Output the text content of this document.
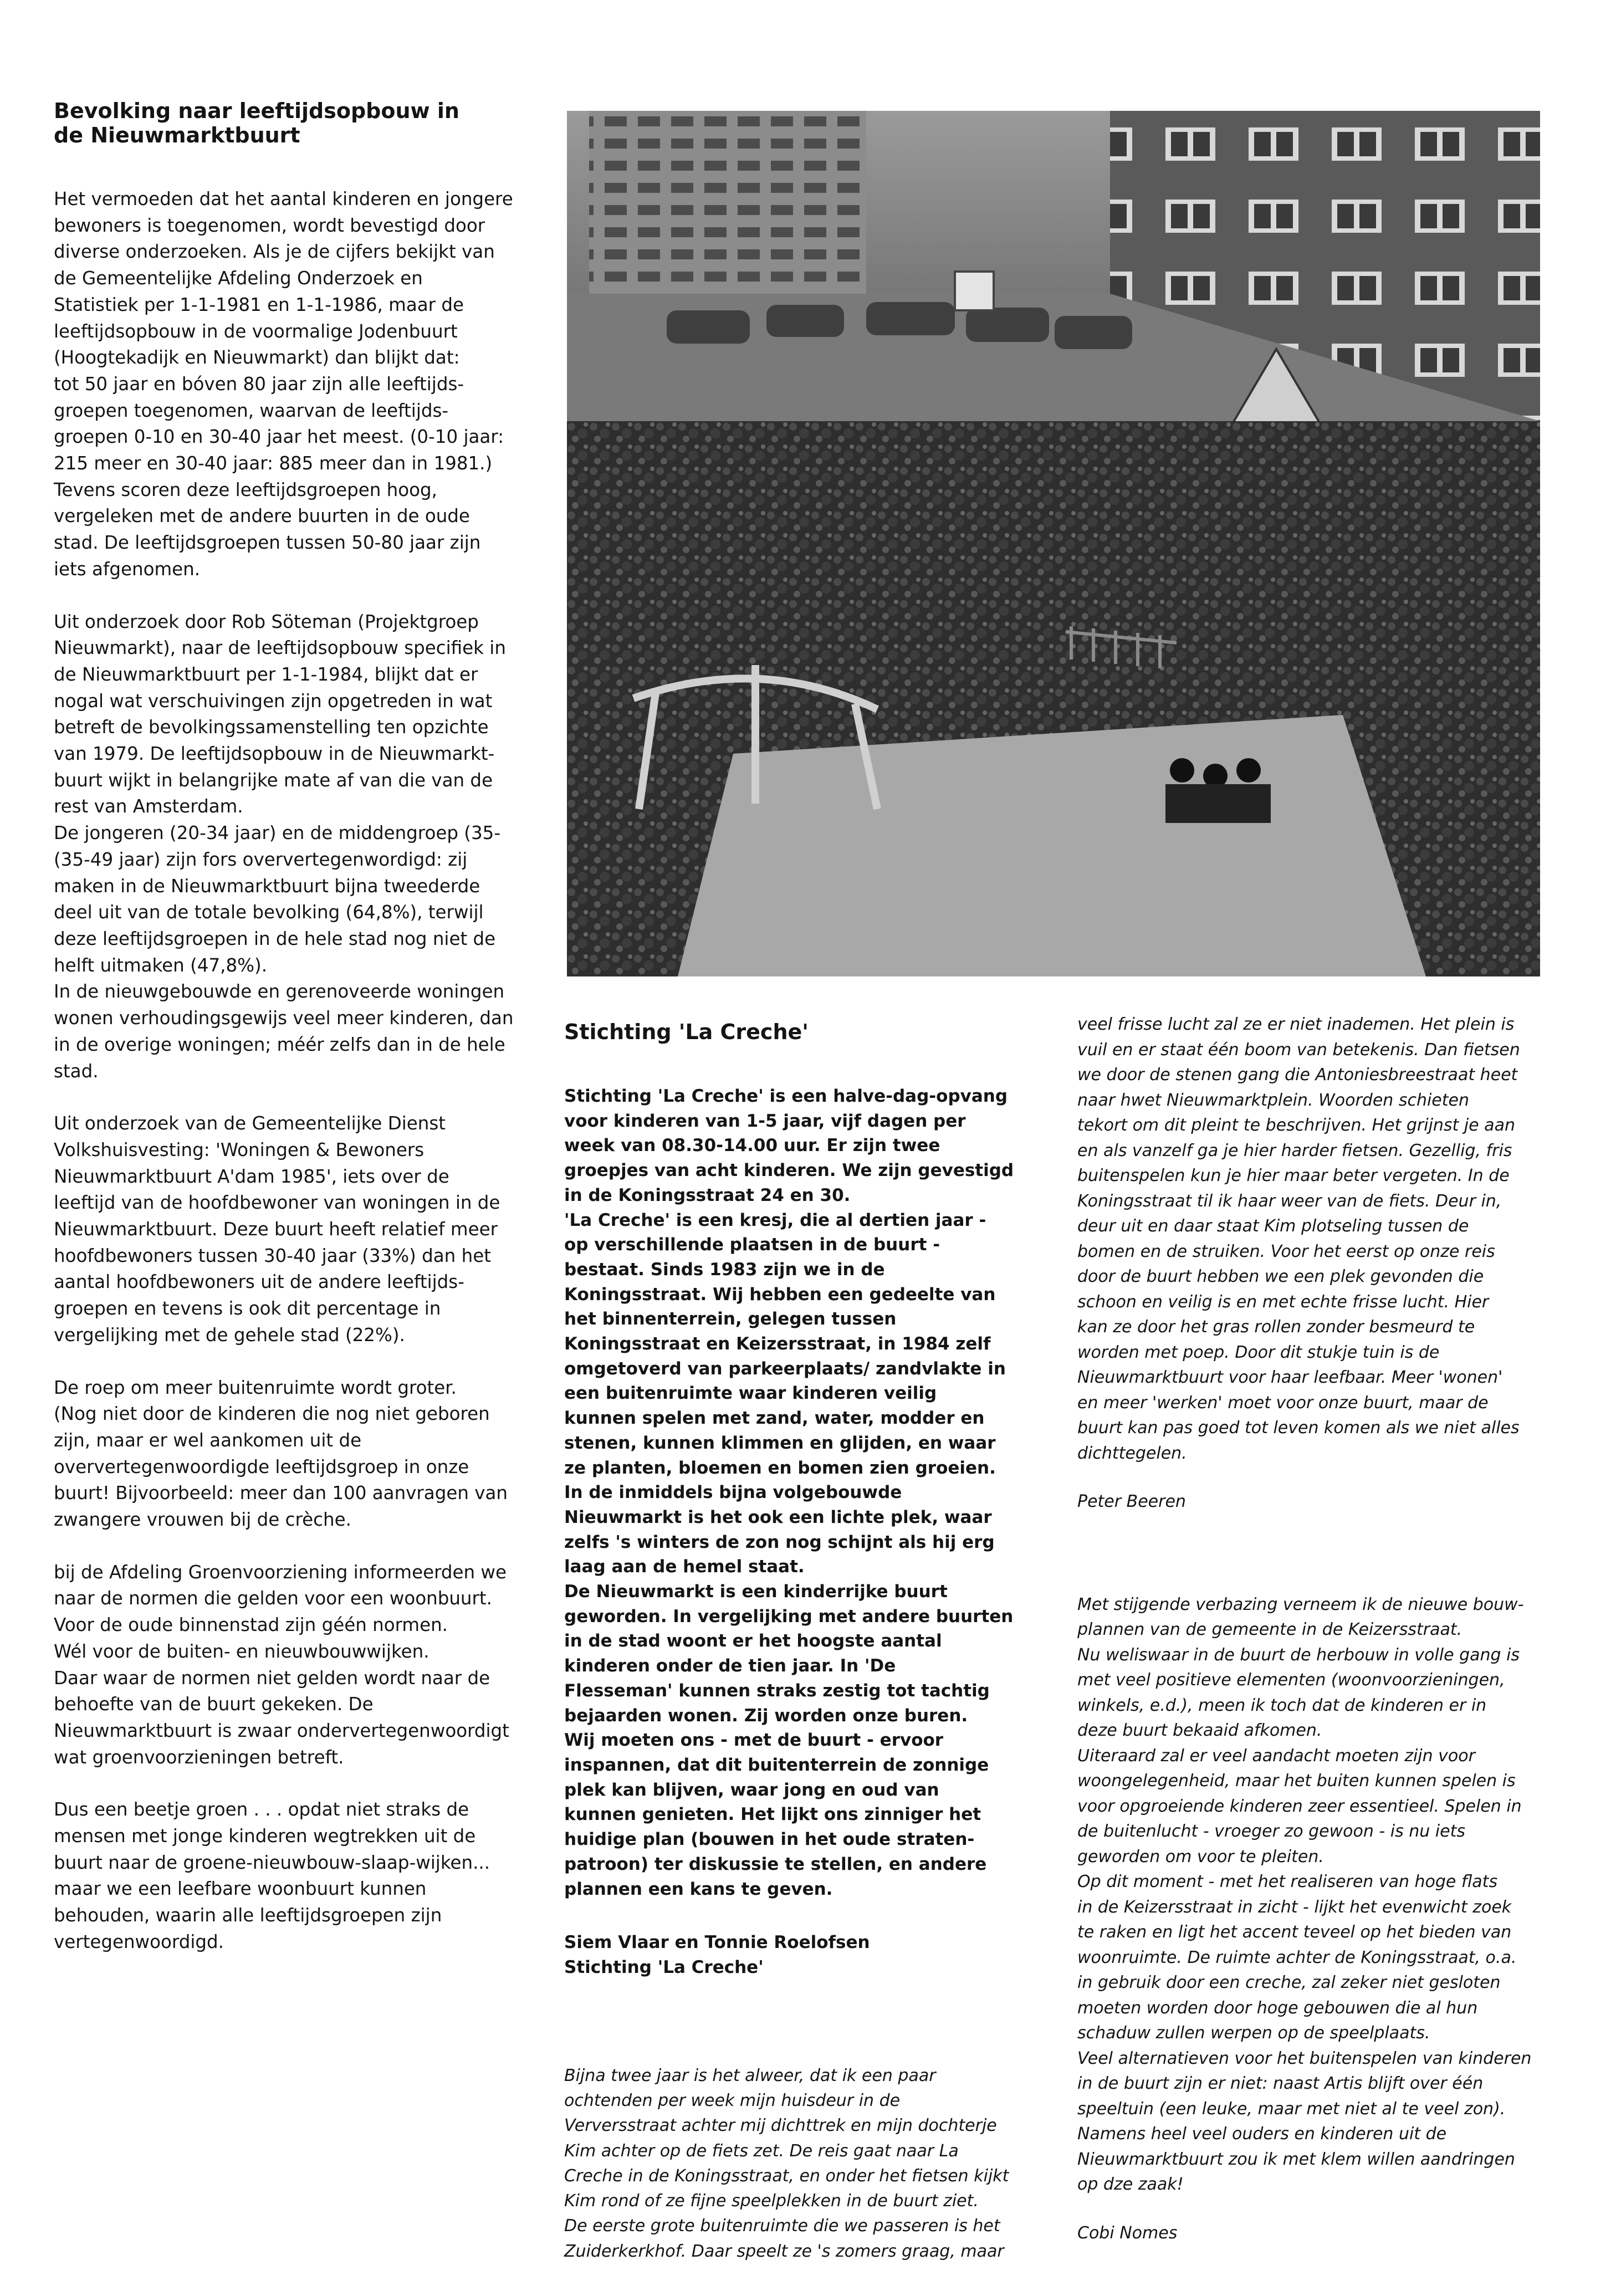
Bevolking naar leeftijdsopbouw in
de Nieuwmarktbuurt

Het vermoeden dat het aantal kinderen en jongere
bewoners is toegenomen, wordt bevestigd door
diverse onderzoeken. Als je de cijfers bekijkt van
de Gemeentelijke Afdeling Onderzoek en
Statistiek per 1-1-1981 en 1-1-1986, maar de
leeftijdsopbouw in de voormalige Jodenbuurt
(Hoogtekadijk en Nieuwmarkt) dan blijkt dat:
tot 50 jaar en bóven 80 jaar zijn alle leeftijds-
groepen toegenomen, waarvan de leeftijds-
groepen 0-10 en 30-40 jaar het meest. (0-10 jaar:
215 meer en 30-40 jaar: 885 meer dan in 1981.)
Tevens scoren deze leeftijdsgroepen hoog,
vergeleken met de andere buurten in de oude
stad. De leeftijdsgroepen tussen 50-80 jaar zijn
iets afgenomen.

Uit onderzoek door Rob Söteman (Projektgroep
Nieuwmarkt), naar de leeftijdsopbouw specifiek in
de Nieuwmarktbuurt per 1-1-1984, blijkt dat er
nogal wat verschuivingen zijn opgetreden in wat
betreft de bevolkingssamenstelling ten opzichte
van 1979. De leeftijdsopbouw in de Nieuwmarkt-
buurt wijkt in belangrijke mate af van die van de
rest van Amsterdam.
De jongeren (20-34 jaar) en de middengroep (35-
(35-49 jaar) zijn fors oververtegenwordigd: zij
maken in de Nieuwmarktbuurt bijna tweederde
deel uit van de totale bevolking (64,8%), terwijl
deze leeftijdsgroepen in de hele stad nog niet de
helft uitmaken (47,8%).
In de nieuwgebouwde en gerenoveerde woningen
wonen verhoudingsgewijs veel meer kinderen, dan
in de overige woningen; méér zelfs dan in de hele
stad.

Uit onderzoek van de Gemeentelijke Dienst
Volkshuisvesting: 'Woningen & Bewoners
Nieuwmarktbuurt A'dam 1985', iets over de
leeftijd van de hoofdbewoner van woningen in de
Nieuwmarktbuurt. Deze buurt heeft relatief meer
hoofdbewoners tussen 30-40 jaar (33%) dan het
aantal hoofdbewoners uit de andere leeftijds-
groepen en tevens is ook dit percentage in
vergelijking met de gehele stad (22%).

De roep om meer buitenruimte wordt groter.
(Nog niet door de kinderen die nog niet geboren
zijn, maar er wel aankomen uit de
oververtegenwoordigde leeftijdsgroep in onze
buurt! Bijvoorbeeld: meer dan 100 aanvragen van
zwangere vrouwen bij de crèche.

bij de Afdeling Groenvoorziening informeerden we
naar de normen die gelden voor een woonbuurt.
Voor de oude binnenstad zijn géén normen.
Wél voor de buiten- en nieuwbouwwijken.
Daar waar de normen niet gelden wordt naar de
behoefte van de buurt gekeken. De
Nieuwmarktbuurt is zwaar ondervertegenwoordigt
wat groenvoorzieningen betreft.

Dus een beetje groen . . . opdat niet straks de
mensen met jonge kinderen wegtrekken uit de
buurt naar de groene-nieuwbouw-slaap-wijken...
maar we een leefbare woonbuurt kunnen
behouden, waarin alle leeftijdsgroepen zijn
vertegenwoordigd.

Stichting 'La Creche'

Stichting 'La Creche' is een halve-dag-opvang
voor kinderen van 1-5 jaar, vijf dagen per
week van 08.30-14.00 uur. Er zijn twee
groepjes van acht kinderen. We zijn gevestigd
in de Koningsstraat 24 en 30.
'La Creche' is een kresj, die al dertien jaar -
op verschillende plaatsen in de buurt -
bestaat. Sinds 1983 zijn we in de
Koningsstraat. Wij hebben een gedeelte van
het binnenterrein, gelegen tussen
Koningsstraat en Keizersstraat, in 1984 zelf
omgetoverd van parkeerplaats/ zandvlakte in
een buitenruimte waar kinderen veilig
kunnen spelen met zand, water, modder en
stenen, kunnen klimmen en glijden, en waar
ze planten, bloemen en bomen zien groeien.
In de inmiddels bijna volgebouwde
Nieuwmarkt is het ook een lichte plek, waar
zelfs 's winters de zon nog schijnt als hij erg
laag aan de hemel staat.
De Nieuwmarkt is een kinderrijke buurt
geworden. In vergelijking met andere buurten
in de stad woont er het hoogste aantal
kinderen onder de tien jaar. In 'De
Flesseman' kunnen straks zestig tot tachtig
bejaarden wonen. Zij worden onze buren.
Wij moeten ons - met de buurt - ervoor
inspannen, dat dit buitenterrein de zonnige
plek kan blijven, waar jong en oud van
kunnen genieten. Het lijkt ons zinniger het
huidige plan (bouwen in het oude straten-
patroon) ter diskussie te stellen, en andere
plannen een kans te geven.

Siem Vlaar en Tonnie Roelofsen
Stichting 'La Creche'

Bijna twee jaar is het alweer, dat ik een paar
ochtenden per week mijn huisdeur in de
Verversstraat achter mij dichttrek en mijn dochterje
Kim achter op de fiets zet. De reis gaat naar La
Creche in de Koningsstraat, en onder het fietsen kijkt
Kim rond of ze fijne speelplekken in de buurt ziet.
De eerste grote buitenruimte die we passeren is het
Zuiderkerkhof. Daar speelt ze 's zomers graag, maar

veel frisse lucht zal ze er niet inademen. Het plein is
vuil en er staat één boom van betekenis. Dan fietsen
we door de stenen gang die Antoniesbreestraat heet
naar hwet Nieuwmarktplein. Woorden schieten
tekort om dit pleint te beschrijven. Het grijnst je aan
en als vanzelf ga je hier harder fietsen. Gezellig, fris
buitenspelen kun je hier maar beter vergeten. In de
Koningsstraat til ik haar weer van de fiets. Deur in,
deur uit en daar staat Kim plotseling tussen de
bomen en de struiken. Voor het eerst op onze reis
door de buurt hebben we een plek gevonden die
schoon en veilig is en met echte frisse lucht. Hier
kan ze door het gras rollen zonder besmeurd te
worden met poep. Door dit stukje tuin is de
Nieuwmarktbuurt voor haar leefbaar. Meer 'wonen'
en meer 'werken' moet voor onze buurt, maar de
buurt kan pas goed tot leven komen als we niet alles
dichttegelen.

Peter Beeren

Met stijgende verbazing verneem ik de nieuwe bouw-
plannen van de gemeente in de Keizersstraat.
Nu weliswaar in de buurt de herbouw in volle gang is
met veel positieve elementen (woonvoorzieningen,
winkels, e.d.), meen ik toch dat de kinderen er in
deze buurt bekaaid afkomen.
Uiteraard zal er veel aandacht moeten zijn voor
woongelegenheid, maar het buiten kunnen spelen is
voor opgroeiende kinderen zeer essentieel. Spelen in
de buitenlucht - vroeger zo gewoon - is nu iets
geworden om voor te pleiten.
Op dit moment - met het realiseren van hoge flats
in de Keizersstraat in zicht - lijkt het evenwicht zoek
te raken en ligt het accent teveel op het bieden van
woonruimte. De ruimte achter de Koningsstraat, o.a.
in gebruik door een creche, zal zeker niet gesloten
moeten worden door hoge gebouwen die al hun
schaduw zullen werpen op de speelplaats.
Veel alternatieven voor het buitenspelen van kinderen
in de buurt zijn er niet: naast Artis blijft over één
speeltuin (een leuke, maar met niet al te veel zon).
Namens heel veel ouders en kinderen uit de
Nieuwmarktbuurt zou ik met klem willen aandringen
op dze zaak!

Cobi Nomes
